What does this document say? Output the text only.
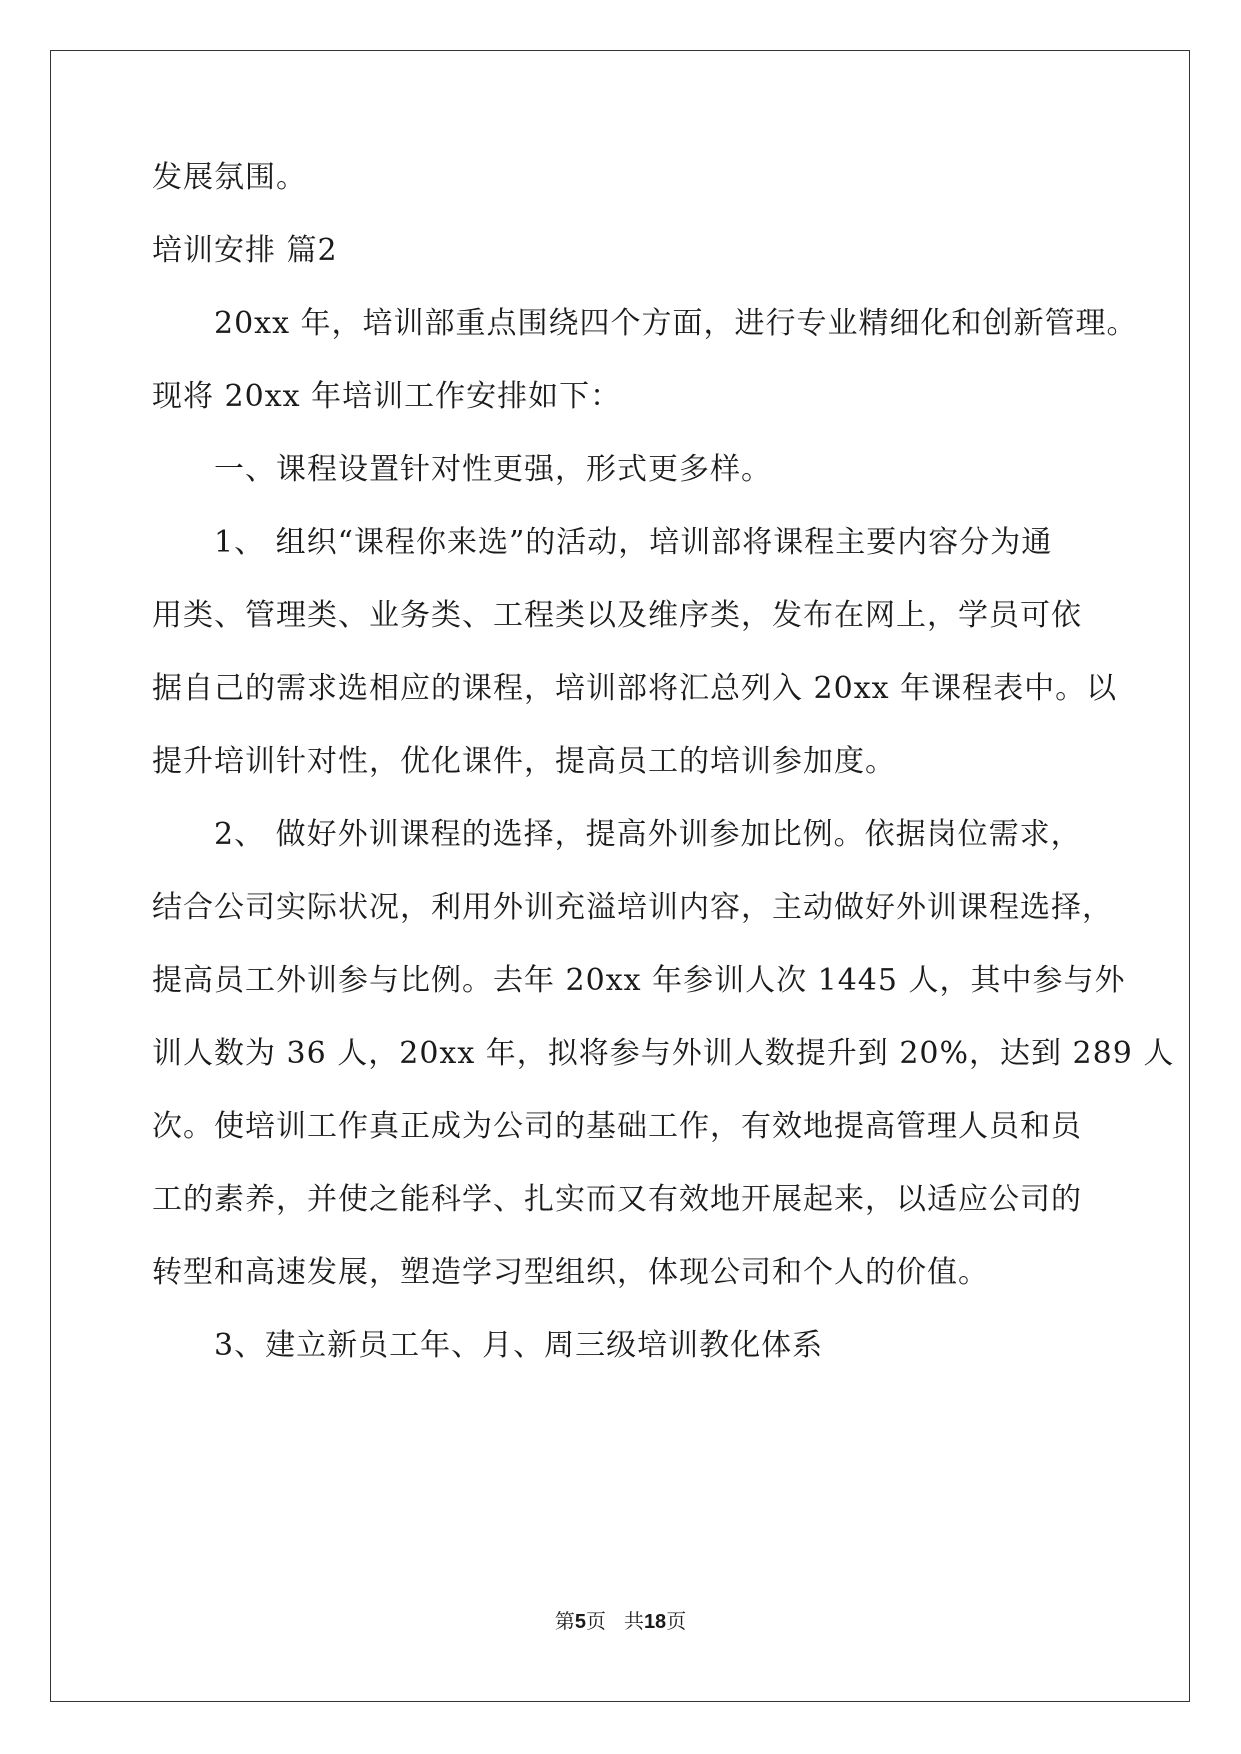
发展氛围。
培训安排 篇2
20xx 年，培训部重点围绕四个方面，进行专业精细化和创新管理。
现将 20xx 年培训工作安排如下：
一、课程设置针对性更强，形式更多样。
1、 组织“课程你来选”的活动，培训部将课程主要内容分为通
用类、管理类、业务类、工程类以及维序类，发布在网上，学员可依
据自己的需求选相应的课程，培训部将汇总列入 20xx 年课程表中。以
提升培训针对性，优化课件，提高员工的培训参加度。
2、 做好外训课程的选择，提高外训参加比例。依据岗位需求，
结合公司实际状况，利用外训充溢培训内容，主动做好外训课程选择，
提高员工外训参与比例。去年 20xx 年参训人次 1445 人，其中参与外
训人数为 36 人，20xx 年，拟将参与外训人数提升到 20%，达到 289 人
次。使培训工作真正成为公司的基础工作，有效地提高管理人员和员
工的素养，并使之能科学、扎实而又有效地开展起来，以适应公司的
转型和高速发展，塑造学习型组织，体现公司和个人的价值。
3、建立新员工年、月、周三级培训教化体系
第5页 共18页
